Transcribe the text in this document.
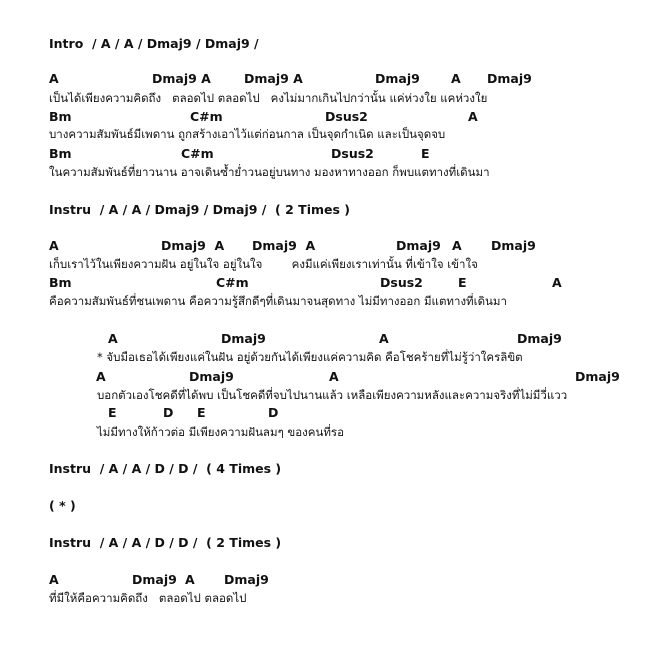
Intro  / A / A / Dmaj9 / Dmaj9 /
A	Dmaj9 A	Dmaj9 A	Dmaj9 A Dmaj9
เป็นได้เพียงความคิดถึง   ตลอดไป ตลอดไป   คงไม่มากเกินไปกว่านั้น แค่ห่วงใย แคห่วงใย
Bm	C#m	Dsus2	A
บางความสัมพันธ์มีเพดาน ถูกสร้างเอาไว้แต่ก่อนกาล เป็นจุดกำเนิด และเป็นจุดจบ
Bm	C#m	Dsus2	E
ในความสัมพันธ์ที่ยาวนาน อาจเดินซ้ำย่ำวนอยู่บนทาง มองหาทางออก ก็พบแตทางที่เดินมา
Instru  / A / A / Dmaj9 / Dmaj9 /  ( 2 Times )
A	Dmaj9  A Dmaj9  A	Dmaj9 A Dmaj9
เก็บเราไว้ในเพียงความฝัน อยู่ในใจ อยู่ในใจ        คงมีแค่เพียงเราเท่านั้น ที่เข้าใจ เข้าใจ
Bm	C#m	Dsus2	E	A
คือความสัมพันธ์ที่ชนเพดาน คือความรู้สึกดีๆที่เดินมาจนสุดทาง ไม่มีทางออก มีแตทางที่เดินมา
A	Dmaj9	A	Dmaj9
* จับมือเธอได้เพียงแค่ในฝัน อยู่ด้วยกันได้เพียงแค่ความคิด คือโชคร้ายที่ไม่รู้ว่าใครลิขิต
A	Dmaj9	A	Dmaj9
บอกตัวเองโชคดีที่ได้พบ เป็นโชคดีที่จบไปนานแล้ว เหลือเพียงความหลังและความจริงที่ไม่มีวี่แวว
E	D E	D
ไม่มีทางให้ก้าวต่อ มีเพียงความฝันลมๆ ของคนที่รอ
Instru  / A / A / D / D /  ( 4 Times )
( * )
Instru  / A / A / D / D /  ( 2 Times )
A	Dmaj9 A Dmaj9
ที่มีให้คือความคิดถึง   ตลอดไป ตลอดไป
